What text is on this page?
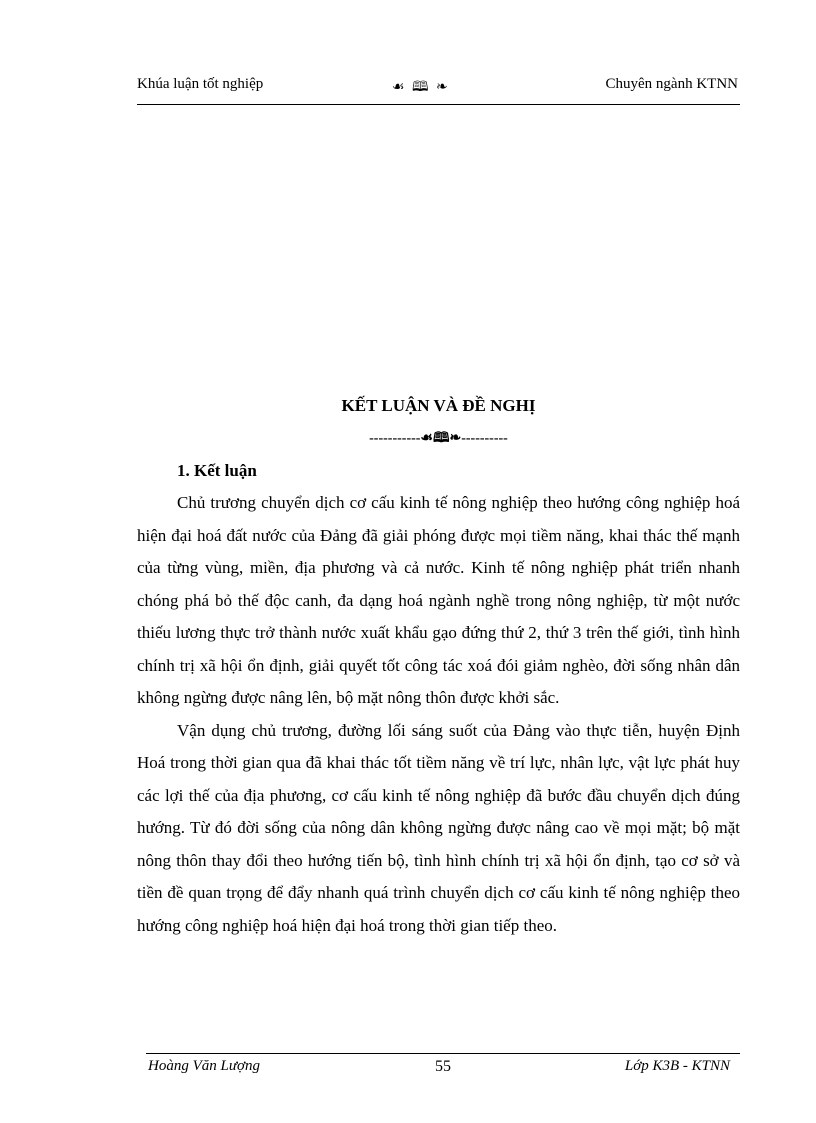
Khúa luận tốt nghiệp	☙ 🕮 ❧	Chuyên ngành KTNN
KẾT LUẬN VÀ ĐỀ NGHỊ
-----------☙🕮❧----------
1. Kết luận

Chủ trương chuyển dịch cơ cấu kinh tế nông nghiệp theo hướng công nghiệp hoá hiện đại hoá đất nước của Đảng đã giải phóng được mọi tiềm năng, khai thác thế mạnh của từng vùng, miền, địa phương và cả nước. Kinh tế nông nghiệp phát triển nhanh chóng phá bỏ thế độc canh, đa dạng hoá ngành nghề trong nông nghiệp, từ một nước thiếu lương thực trở thành nước xuất khẩu gạo đứng thứ 2, thứ 3 trên thế giới, tình hình chính trị xã hội ổn định, giải quyết tốt công tác xoá đói giảm nghèo, đời sống nhân dân không ngừng được nâng lên, bộ mặt nông thôn được khởi sắc.

Vận dụng chủ trương, đường lối sáng suốt của Đảng vào thực tiễn, huyện Định Hoá trong thời gian qua đã khai thác tốt tiềm năng về trí lực, nhân lực, vật lực phát huy các lợi thế của địa phương, cơ cấu kinh tế nông nghiệp đã bước đầu chuyển dịch đúng hướng. Từ đó đời sống của nông dân không ngừng được nâng cao về mọi mặt; bộ mặt nông thôn thay đổi theo hướng tiến bộ, tình hình chính trị xã hội ổn định, tạo cơ sở và tiền đề quan trọng để đẩy nhanh quá trình chuyển dịch cơ cấu kinh tế nông nghiệp theo hướng công nghiệp hoá hiện đại hoá trong thời gian tiếp theo.

Hoàng Văn Lượng	55	Lớp K3B - KTNN
